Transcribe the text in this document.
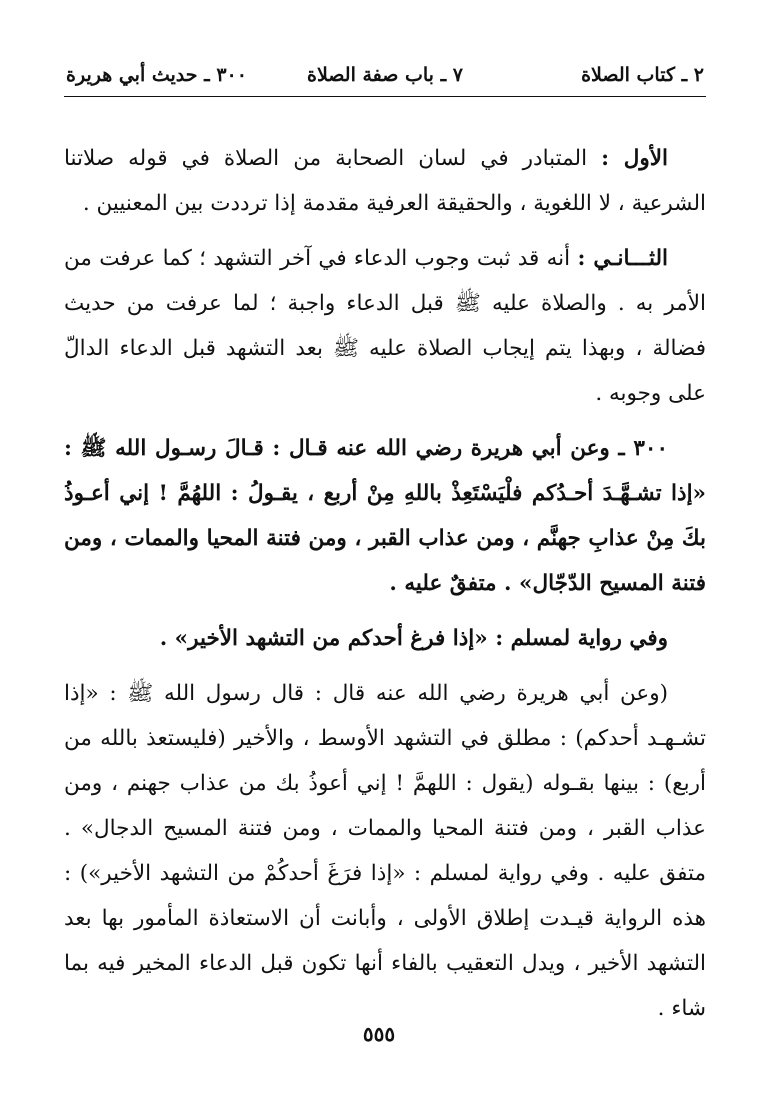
٢ ـ كتاب الصلاة
٧ ـ باب صفة الصلاة
٣٠٠ ـ حديث أبي هريرة

الأول : المتبادر في لسان الصحابة من الصلاة في قوله صلاتنا الشرعية ، لا اللغوية ، والحقيقة العرفية مقدمة إذا ترددت بين المعنيين .

الثـــانـي : أنه قد ثبت وجوب الدعاء في آخر التشهد ؛ كما عرفت من الأمر به . والصلاة عليه ﷺ قبل الدعاء واجبة ؛ لما عرفت من حديث فضالة ، وبهذا يتم إيجاب الصلاة عليه ﷺ بعد التشهد قبل الدعاء الدالّ على وجوبه .

٣٠٠ ـ وعن أبي هريرة رضي الله عنه قـال : قـالَ رسـول الله ﷺ : «إذا تشـهَّـدَ أحـدُكم فلْيَسْتَعِذْ باللهِ مِنْ أربع ، يقـولُ : اللهُمَّ ! إني أعـوذُ بكَ مِنْ عذابِ جهنَّم ، ومن عذاب القبر ، ومن فتنة المحيا والممات ، ومن فتنة المسيح الدّجّال» . متفقٌ عليه .

وفي رواية لمسلم : «إذا فرغ أحدكم من التشهد الأخير» .

(وعن أبي هريرة رضي الله عنه قال : قال رسول الله ﷺ : «إذا تشـهـد أحدكم) : مطلق في التشهد الأوسط ، والأخير (فليستعذ بالله من أربع) : بينها بقـوله (يقول : اللهمَّ ! إني أعوذُ بك من عذاب جهنم ، ومن عذاب القبر ، ومن فتنة المحيا والممات ، ومن فتنة المسيح الدجال» . متفق عليه . وفي رواية لمسلم : «إذا فرَغَ أحدكُمْ من التشهد الأخير») : هذه الرواية قيـدت إطلاق الأولى ، وأبانت أن الاستعاذة المأمور بها بعد التشهد الأخير ، ويدل التعقيب بالفاء أنها تكون قبل الدعاء المخير فيه بما شاء .

٥٥٥
